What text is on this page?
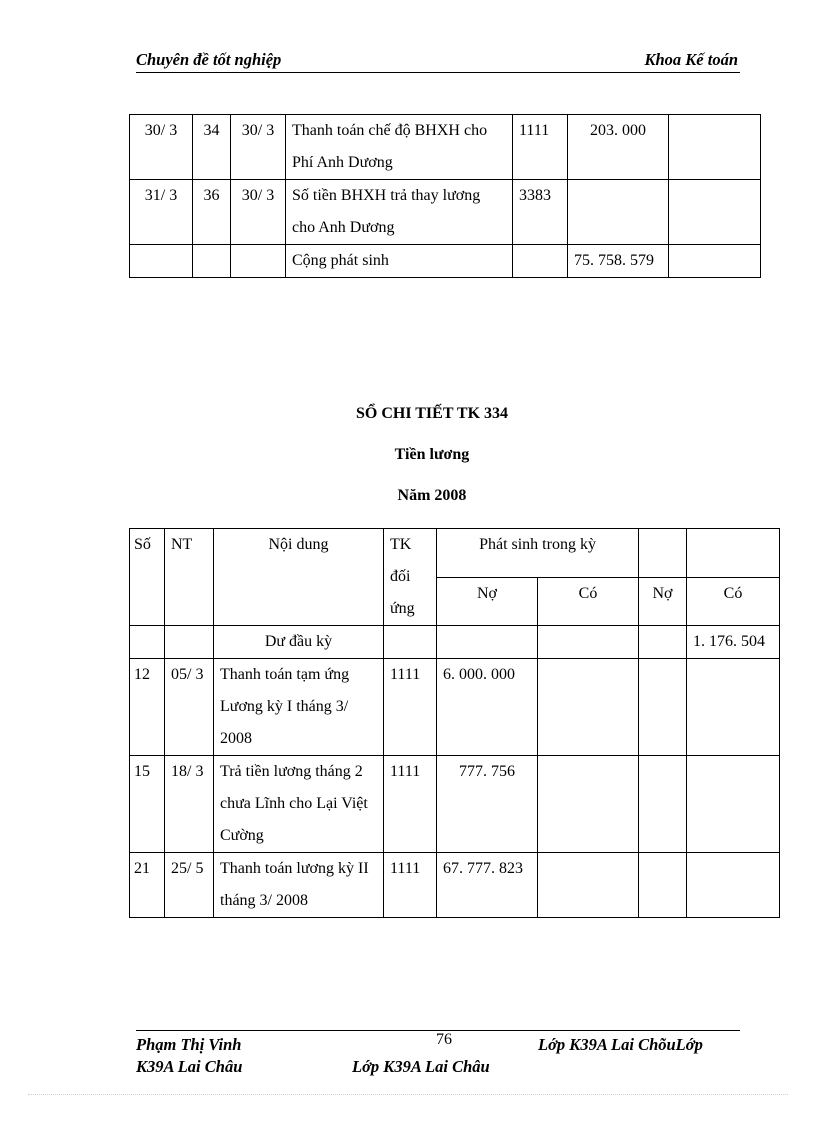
Chuyên đề tốt nghiệp	Khoa Kế toán
30/ 3	34	30/ 3	Thanh toán chế độ BHXH cho Phí Anh Dương	1111	203. 000	
31/ 3	36	30/ 3	Số tiền BHXH trả thay lương cho Anh Dương	3383		
			Cộng phát sinh		75. 758. 579	
SỔ CHI TIẾT TK 334
Tiền lương
Năm 2008
Số	NT	Nội dung	TK đối ứng	Phát sinh trong kỳ			
				Nợ	Có	Nợ	Có
		Dư đầu kỳ					1. 176. 504
12	05/ 3	Thanh toán tạm ứng Lương kỳ I tháng 3/ 2008	1111	6. 000. 000			
15	18/ 3	Trả tiền lương tháng 2 chưa Lĩnh cho Lại Việt Cường	1111	777. 756			
21	25/ 5	Thanh toán lương kỳ II tháng 3/ 2008	1111	67. 777. 823			
Phạm Thị Vinh	76	Lớp K39A Lai ChõuLớp
K39A Lai Châu	Lớp K39A Lai Châu
